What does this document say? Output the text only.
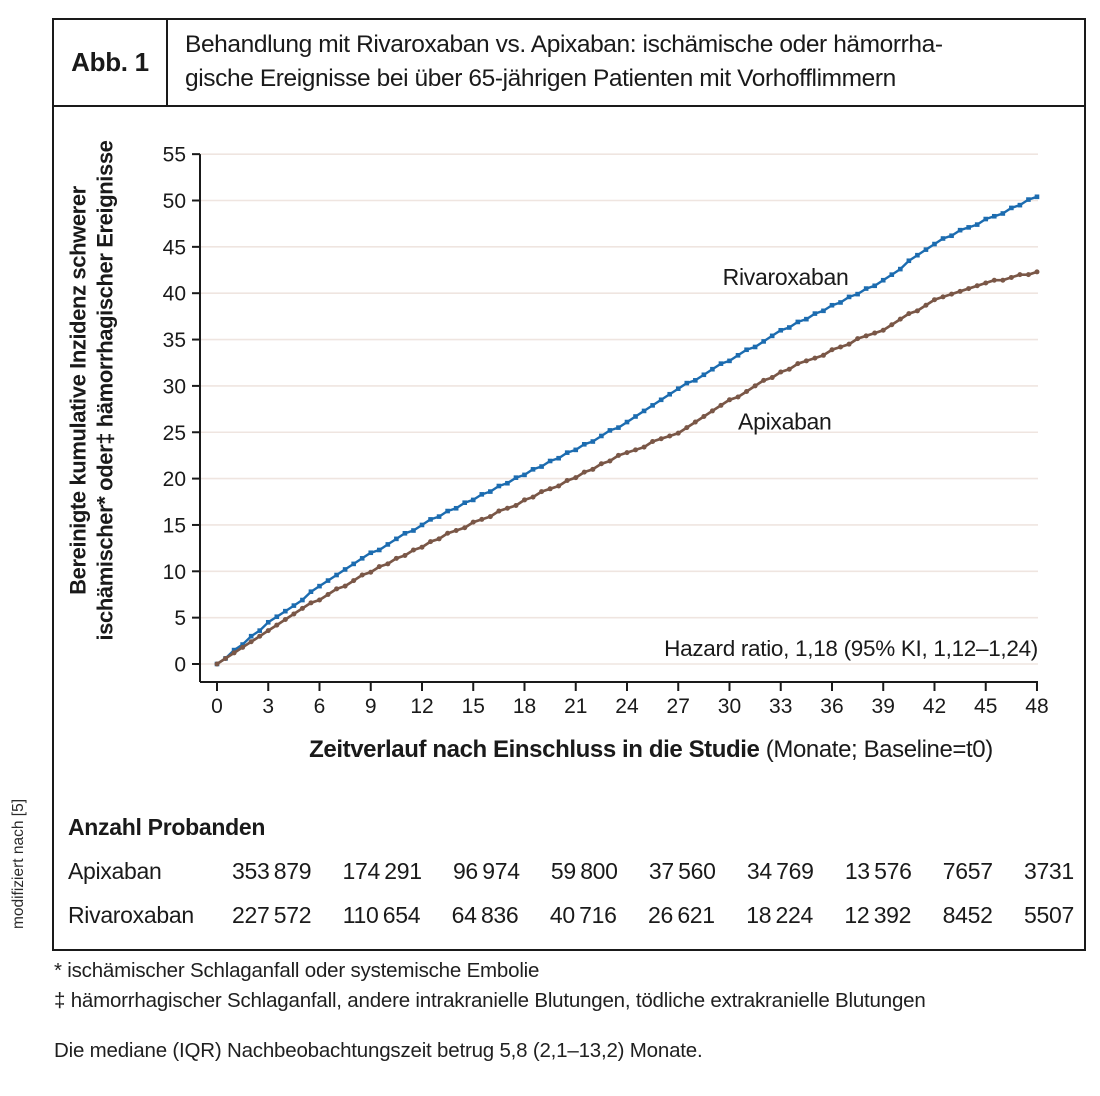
Abb. 1
Behandlung mit Rivaroxaban vs. Apixaban: ischämische oder hämorrha-
gische Ereignisse bei über 65-jährigen Patienten mit Vorhofflimmern
Bereinigte kumulative Inzidenz schwerer
ischämischer* oder‡ hämorrhagischer Ereignisse
0
5
10
15
20
25
30
35
40
45
50
55
0 3 6 9 12 15 18 21 24 27 30 33 36 39 42 45 48
Rivaroxaban
Apixaban
Hazard ratio, 1,18 (95% KI, 1,12–1,24)
Zeitverlauf nach Einschluss in die Studie (Monate; Baseline=t0)
Anzahl Probanden
Apixaban	353 879 174 291 96 974 59 800 37 560 34 769 13 576 7657 3731
Rivaroxaban	227 572 110 654 64 836 40 716 26 621 18 224 12 392 8452 5507
modifiziert nach [5]
* ischämischer Schlaganfall oder systemische Embolie
‡ hämorrhagischer Schlaganfall, andere intrakranielle Blutungen, tödliche extrakranielle Blutungen
Die mediane (IQR) Nachbeobachtungszeit betrug 5,8 (2,1–13,2) Monate.
